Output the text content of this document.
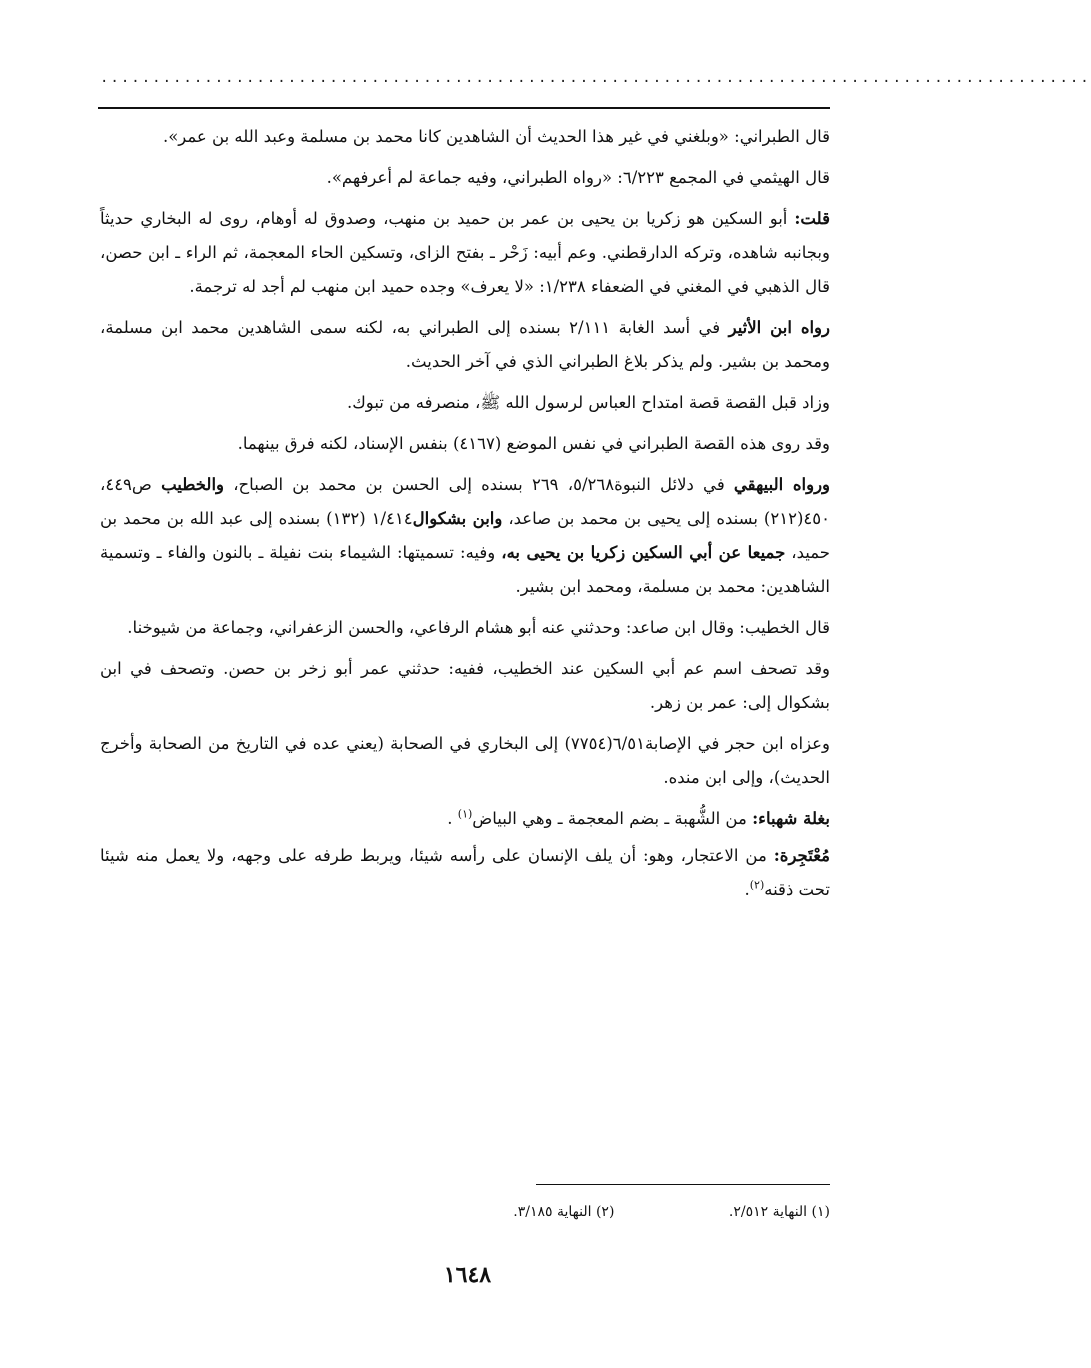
...............................................................................................

قال الطبراني: «وبلغني في غير هذا الحديث أن الشاهدين كانا محمد بن مسلمة وعبد الله بن عمر».

قال الهيثمي في المجمع ٦/٢٢٣: «رواه الطبراني، وفيه جماعة لم أعرفهم».

قلت: أبو السكين هو زكريا بن يحيى بن عمر بن حميد بن منهب، وصدوق له أوهام، روى له البخاري حديثاً وبجانبه شاهده، وتركه الدارقطني. وعم أبيه: زَحْر ـ بفتح الزاى، وتسكين الحاء المعجمة، ثم الراء ـ ابن حصن، قال الذهبي في المغني في الضعفاء ١/٢٣٨: «لا يعرف» وجده حميد ابن منهب لم أجد له ترجمة.

رواه ابن الأثير في أسد الغابة ٢/١١١ بسنده إلى الطبراني به، لكنه سمى الشاهدين محمد ابن مسلمة، ومحمد بن بشير. ولم يذكر بلاغ الطبراني الذي في آخر الحديث.

وزاد قبل القصة قصة امتداح العباس لرسول الله ﷺ، منصرفه من تبوك.

وقد روى هذه القصة الطبراني في نفس الموضع (٤١٦٧) بنفس الإسناد، لكنه فرق بينهما.

ورواه البيهقي في دلائل النبوة٥/٢٦٨، ٢٦٩ بسنده إلى الحسن بن محمد بن الصباح، والخطيب ص٤٤٩، ٤٥٠(٢١٢) بسنده إلى يحيى بن محمد بن صاعد، وابن بشكوال١/٤١٤ (١٣٢) بسنده إلى عبد الله بن محمد بن حميد، جميعا عن أبي السكين زكريا بن يحيى به، وفيه: تسميتها: الشيماء بنت نفيلة ـ بالنون والفاء ـ وتسمية الشاهدين: محمد بن مسلمة، ومحمد ابن بشير.

قال الخطيب: وقال ابن صاعد: وحدثني عنه أبو هشام الرفاعي، والحسن الزعفراني، وجماعة من شيوخنا.

وقد تصحف اسم عم أبي السكين عند الخطيب، ففيه: حدثني عمر أبو زخر بن حصن. وتصحف في ابن بشكوال إلى: عمر بن زهر.

وعزاه ابن حجر في الإصابة٦/٥١(٧٧٥٤) إلى البخاري في الصحابة (يعني عده في التاريخ من الصحابة وأخرج الحديث)، وإلى ابن منده.

بغلة شهباء: من الشُّهبة ـ بضم المعجمة ـ وهي البياض$^{(١)}$ .

مُعْتَجِرة: من الاعتجار، وهو: أن يلف الإنسان على رأسه شيئا، ويربط طرفه على وجهه، ولا يعمل منه شيئا تحت ذقنه$^{(٢)}$.

(١) النهاية ٢/٥١٢. (٢) النهاية ٣/١٨٥.
١٦٤٨
